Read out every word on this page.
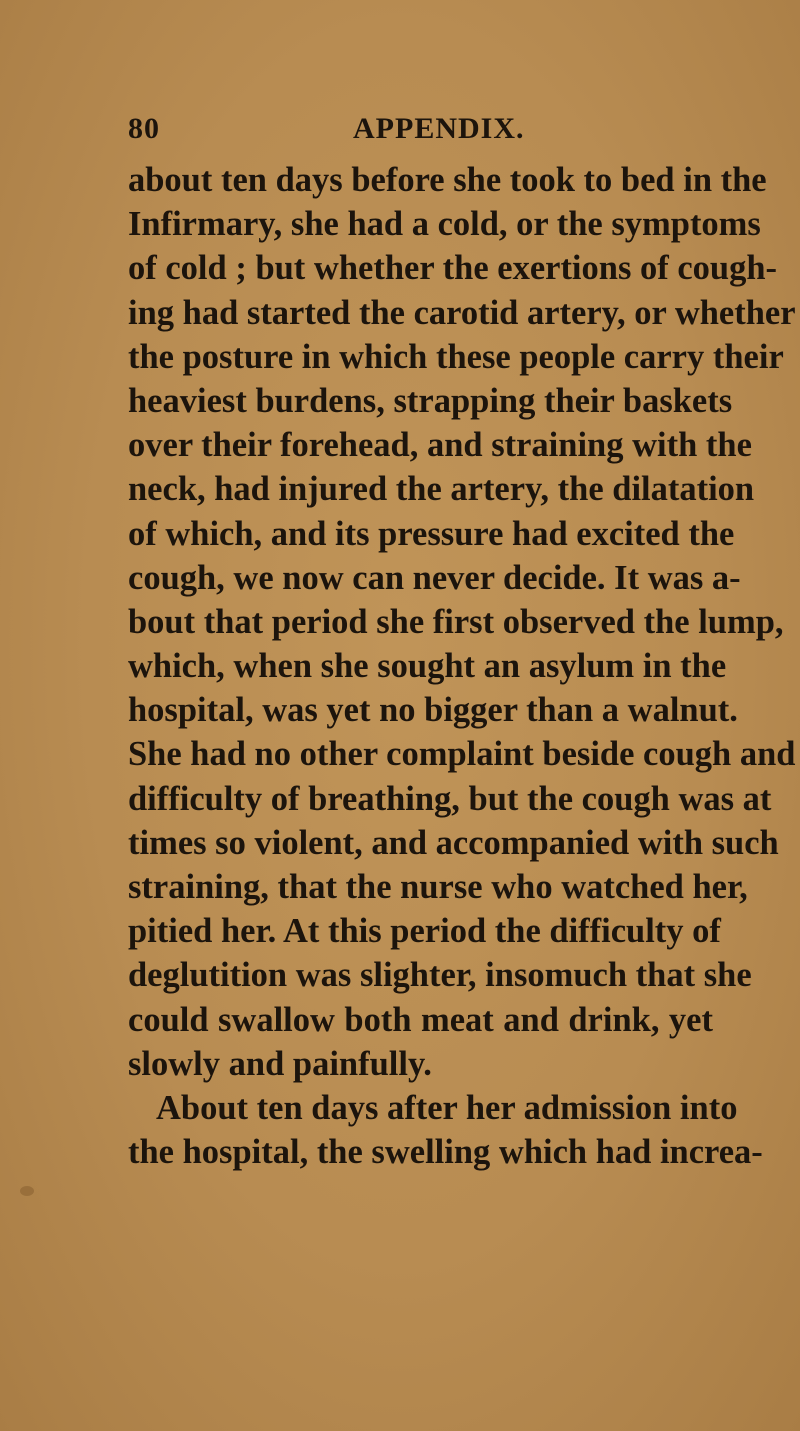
80	APPENDIX.
about ten days before she took to bed in the
Infirmary, she had a cold, or the symptoms
of cold ; but whether the exertions of cough-
ing had started the carotid artery, or whether
the posture in which these people carry their
heaviest burdens, strapping their baskets
over their forehead, and straining with the
neck, had injured the artery, the dilatation
of which, and its pressure had excited the
cough, we now can never decide. It was a-
bout that period she first observed the lump,
which, when she sought an asylum in the
hospital, was yet no bigger than a walnut.
She had no other complaint beside cough and
difficulty of breathing, but the cough was at
times so violent, and accompanied with such
straining, that the nurse who watched her,
pitied her. At this period the difficulty of
deglutition was slighter, insomuch that she
could swallow both meat and drink, yet
slowly and painfully.
About ten days after her admission into
the hospital, the swelling which had increa-
